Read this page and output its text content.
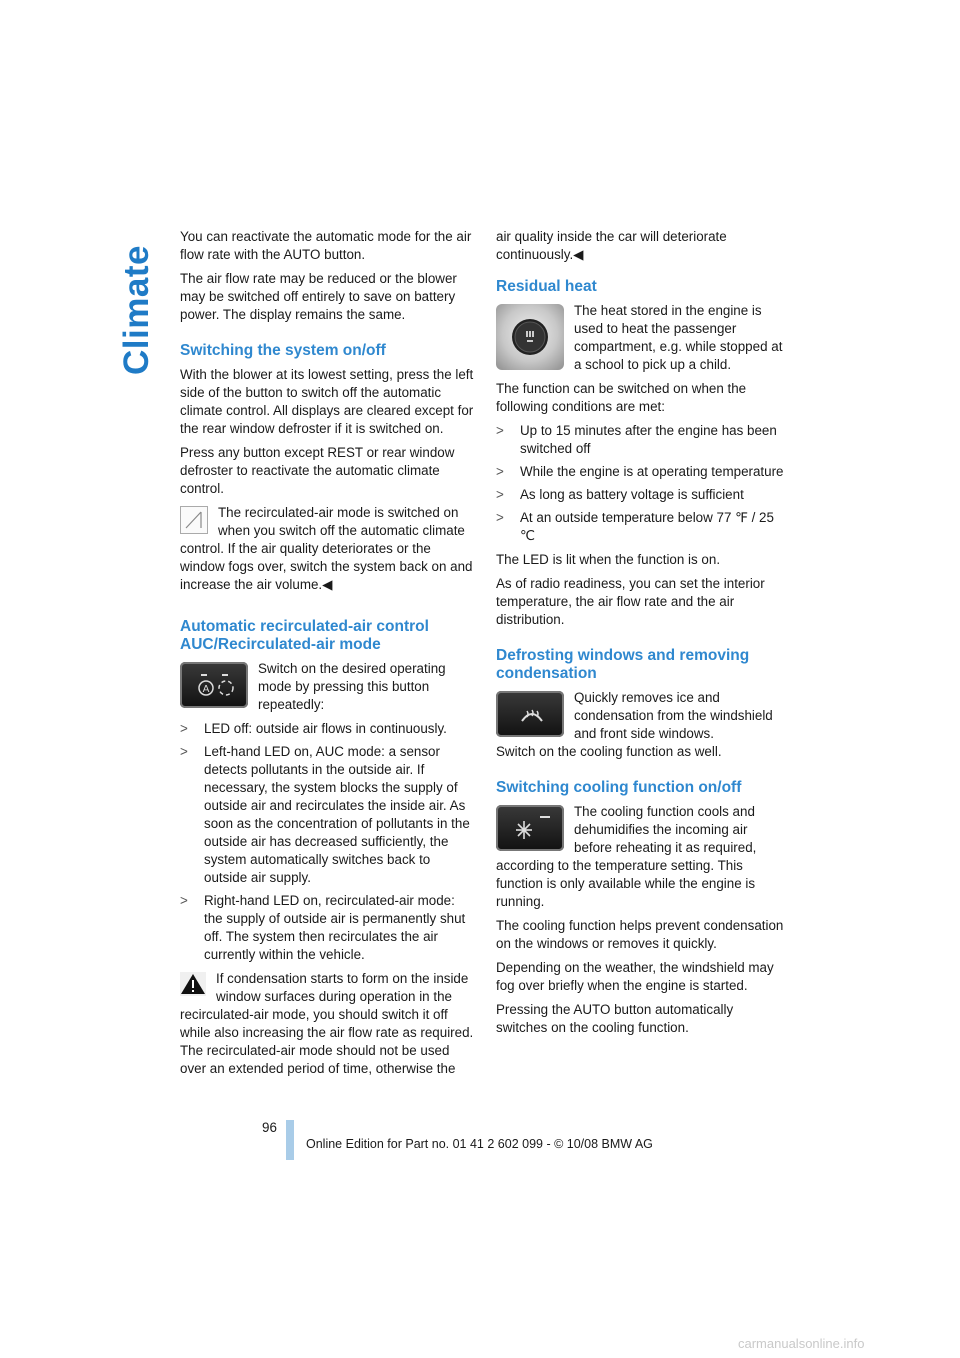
Climate

You can reactivate the automatic mode for the air flow rate with the AUTO button.

The air flow rate may be reduced or the blower may be switched off entirely to save on battery power. The display remains the same.

Switching the system on/off

With the blower at its lowest setting, press the left side of the button to switch off the automatic climate control. All displays are cleared except for the rear window defroster if it is switched on.

Press any button except REST or rear window defroster to reactivate the automatic climate control.

The recirculated-air mode is switched on when you switch off the automatic climate control. If the air quality deteriorates or the window fogs over, switch the system back on and increase the air volume.◀

Automatic recirculated-air control AUC/Recirculated-air mode
A

Switch on the desired operating mode by pressing this button repeatedly:

> LED off: outside air flows in continuously.
> Left-hand LED on, AUC mode: a sensor detects pollutants in the outside air. If necessary, the system blocks the supply of outside air and recirculates the inside air. As soon as the concentration of pollutants in the outside air has decreased sufficiently, the system automatically switches back to outside air supply.
> Right-hand LED on, recirculated-air mode: the supply of outside air is permanently shut off. The system then recirculates the air currently within the vehicle.

If condensation starts to form on the inside window surfaces during operation in the recirculated-air mode, you should switch it off while also increasing the air flow rate as required.

The recirculated-air mode should not be used over an extended period of time, otherwise the

air quality inside the car will deteriorate continuously.◀

Residual heat

The heat stored in the engine is used to heat the passenger compartment, e.g. while stopped at a school to pick up a child.

The function can be switched on when the following conditions are met:

> Up to 15 minutes after the engine has been switched off
> While the engine is at operating temperature
> As long as battery voltage is sufficient
> At an outside temperature below 77 ℉ / 25 ℃

The LED is lit when the function is on.

As of radio readiness, you can set the interior temperature, the air flow rate and the air distribution.

Defrosting windows and removing condensation

Quickly removes ice and condensation from the windshield and front side windows.

Switch on the cooling function as well.

Switching cooling function on/off

The cooling function cools and dehumidifies the incoming air before reheating it as required, according to the temperature setting. This function is only available while the engine is running.

The cooling function helps prevent condensation on the windows or removes it quickly.

Depending on the weather, the windshield may fog over briefly when the engine is started.

Pressing the AUTO button automatically switches on the cooling function.

96
Online Edition for Part no. 01 41 2 602 099 - © 10/08 BMW AG
carmanualsonline.info
